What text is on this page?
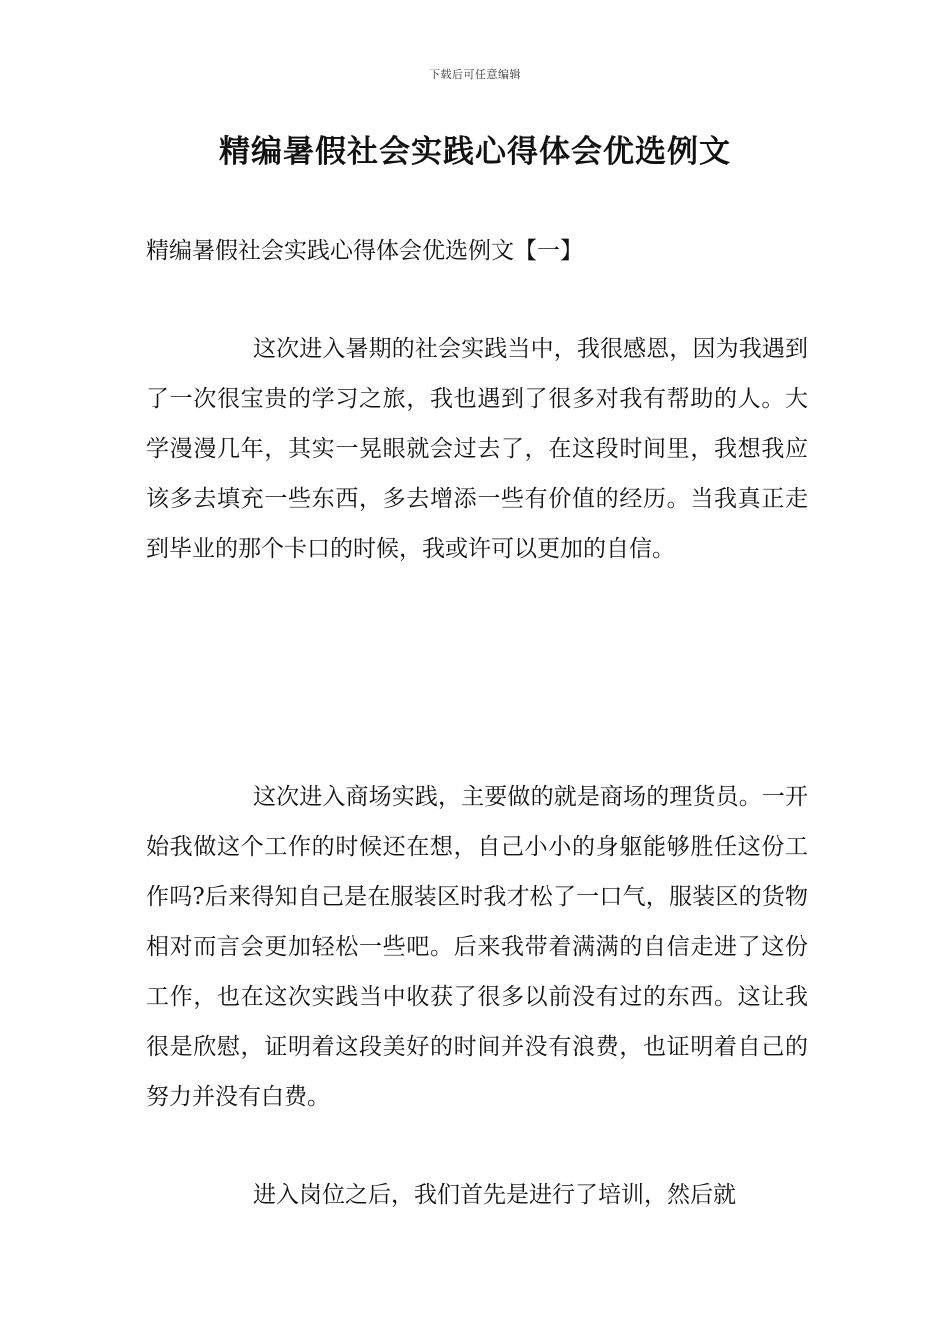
下载后可任意编辑
精编暑假社会实践心得体会优选例文
精编暑假社会实践心得体会优选例文【一】

这次进入暑期的社会实践当中，我很感恩，因为我遇到了一次很宝贵的学习之旅，我也遇到了很多对我有帮助的人。大学漫漫几年，其实一晃眼就会过去了，在这段时间里，我想我应该多去填充一些东西，多去增添一些有价值的经历。当我真正走到毕业的那个卡口的时候，我或许可以更加的自信。

这次进入商场实践，主要做的就是商场的理货员。一开始我做这个工作的时候还在想，自己小小的身躯能够胜任这份工作吗?后来得知自己是在服装区时我才松了一口气，服装区的货物相对而言会更加轻松一些吧。后来我带着满满的自信走进了这份工作，也在这次实践当中收获了很多以前没有过的东西。这让我很是欣慰，证明着这段美好的时间并没有浪费，也证明着自己的努力并没有白费。

进入岗位之后，我们首先是进行了培训，然后就
